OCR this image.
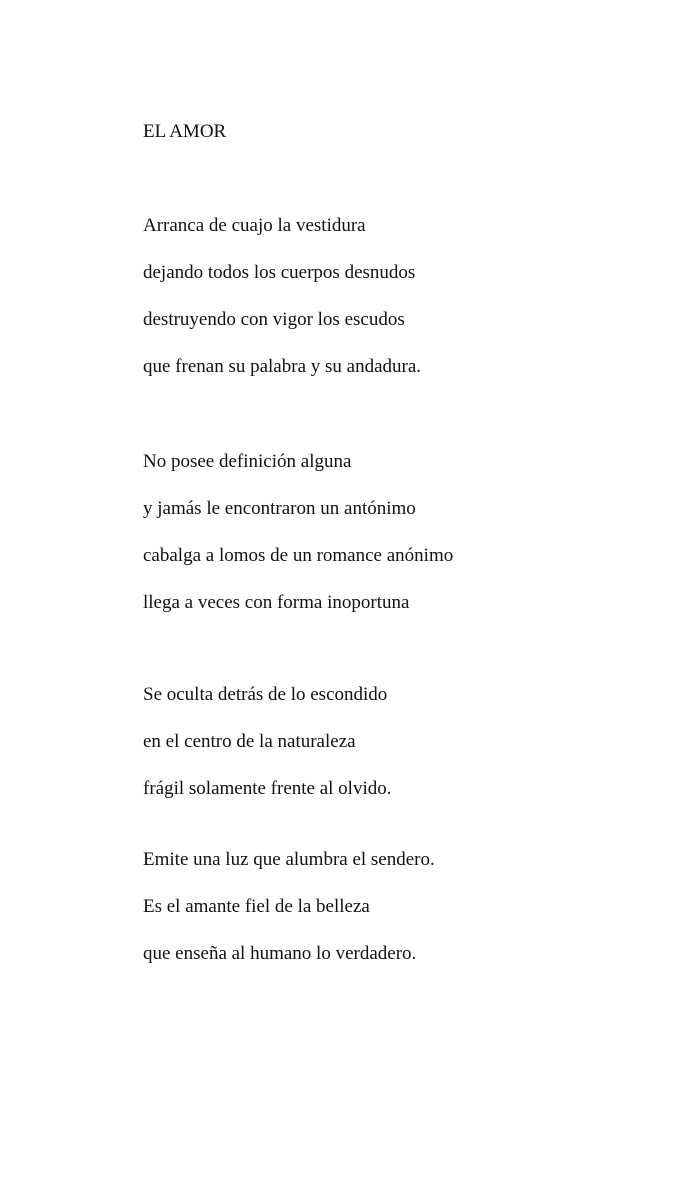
EL AMOR
Arranca de cuajo la vestidura
dejando todos los cuerpos desnudos
destruyendo con vigor los escudos
que frenan su palabra y su andadura.
No posee definición alguna
y jamás le encontraron un antónimo
cabalga a lomos de un romance anónimo
llega a veces con forma inoportuna
Se oculta detrás de lo escondido
en el centro de la naturaleza
frágil solamente frente al olvido.
Emite una luz que alumbra el sendero.
Es el amante fiel de la belleza
que enseña al humano lo verdadero.
